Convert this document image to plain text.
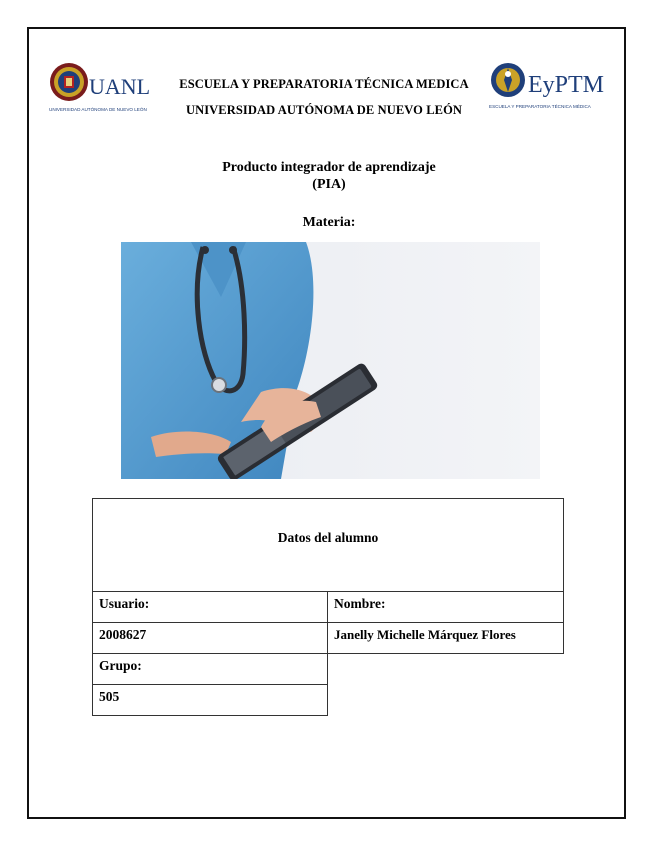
UANL
UNIVERSIDAD AUTÓNOMA DE NUEVO LEÓN
ESCUELA Y PREPARATORIA TÉCNICA MEDICA
UNIVERSIDAD AUTÓNOMA DE NUEVO LEÓN
EyPTM
ESCUELA Y PREPARATORIA TÉCNICA MÉDICA
Producto integrador de aprendizaje
(PIA)
Materia:
Datos del alumno
Usuario:	Nombre:
2008627	Janelly Michelle Márquez Flores
Grupo:
505
